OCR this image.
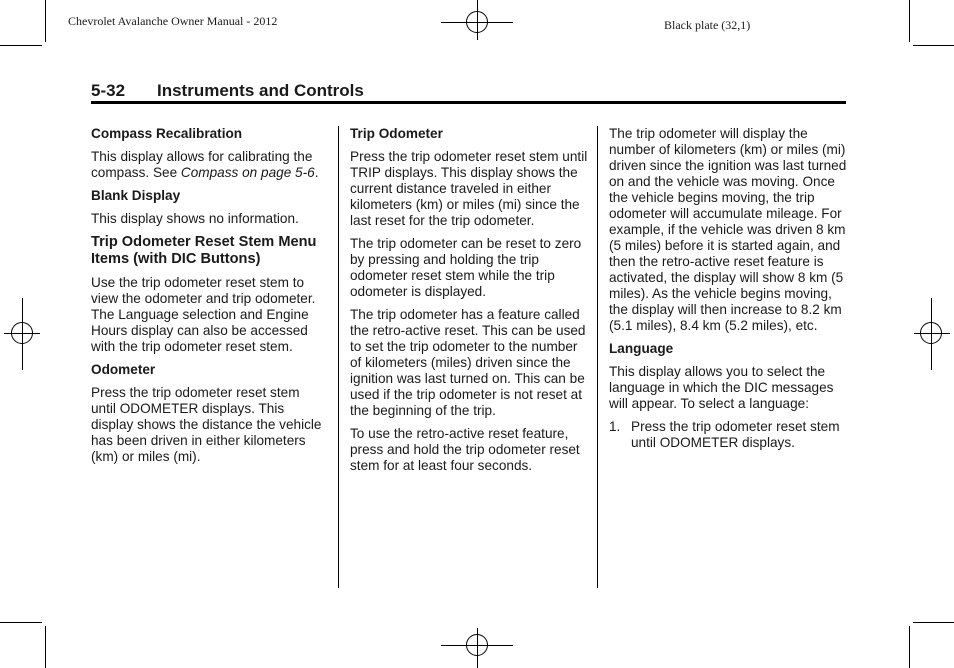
Chevrolet Avalanche Owner Manual - 2012	Black plate (32,1)
5-32 Instruments and Controls
Compass Recalibration

This display allows for calibrating the compass. See Compass on page 5-6.

Blank Display

This display shows no information.

Trip Odometer Reset Stem Menu Items (with DIC Buttons)

Use the trip odometer reset stem to view the odometer and trip odometer. The Language selection and Engine Hours display can also be accessed with the trip odometer reset stem.

Odometer

Press the trip odometer reset stem until ODOMETER displays. This display shows the distance the vehicle has been driven in either kilometers (km) or miles (mi).

Trip Odometer

Press the trip odometer reset stem until TRIP displays. This display shows the current distance traveled in either kilometers (km) or miles (mi) since the last reset for the trip odometer.

The trip odometer can be reset to zero by pressing and holding the trip odometer reset stem while the trip odometer is displayed.

The trip odometer has a feature called the retro-active reset. This can be used to set the trip odometer to the number of kilometers (miles) driven since the ignition was last turned on. This can be used if the trip odometer is not reset at the beginning of the trip.

To use the retro-active reset feature, press and hold the trip odometer reset stem for at least four seconds.

The trip odometer will display the number of kilometers (km) or miles (mi) driven since the ignition was last turned on and the vehicle was moving. Once the vehicle begins moving, the trip odometer will accumulate mileage. For example, if the vehicle was driven 8 km (5 miles) before it is started again, and then the retro-active reset feature is activated, the display will show 8 km (5 miles). As the vehicle begins moving, the display will then increase to 8.2 km (5.1 miles), 8.4 km (5.2 miles), etc.

Language

This display allows you to select the language in which the DIC messages will appear. To select a language:

1. Press the trip odometer reset stem until ODOMETER displays.
